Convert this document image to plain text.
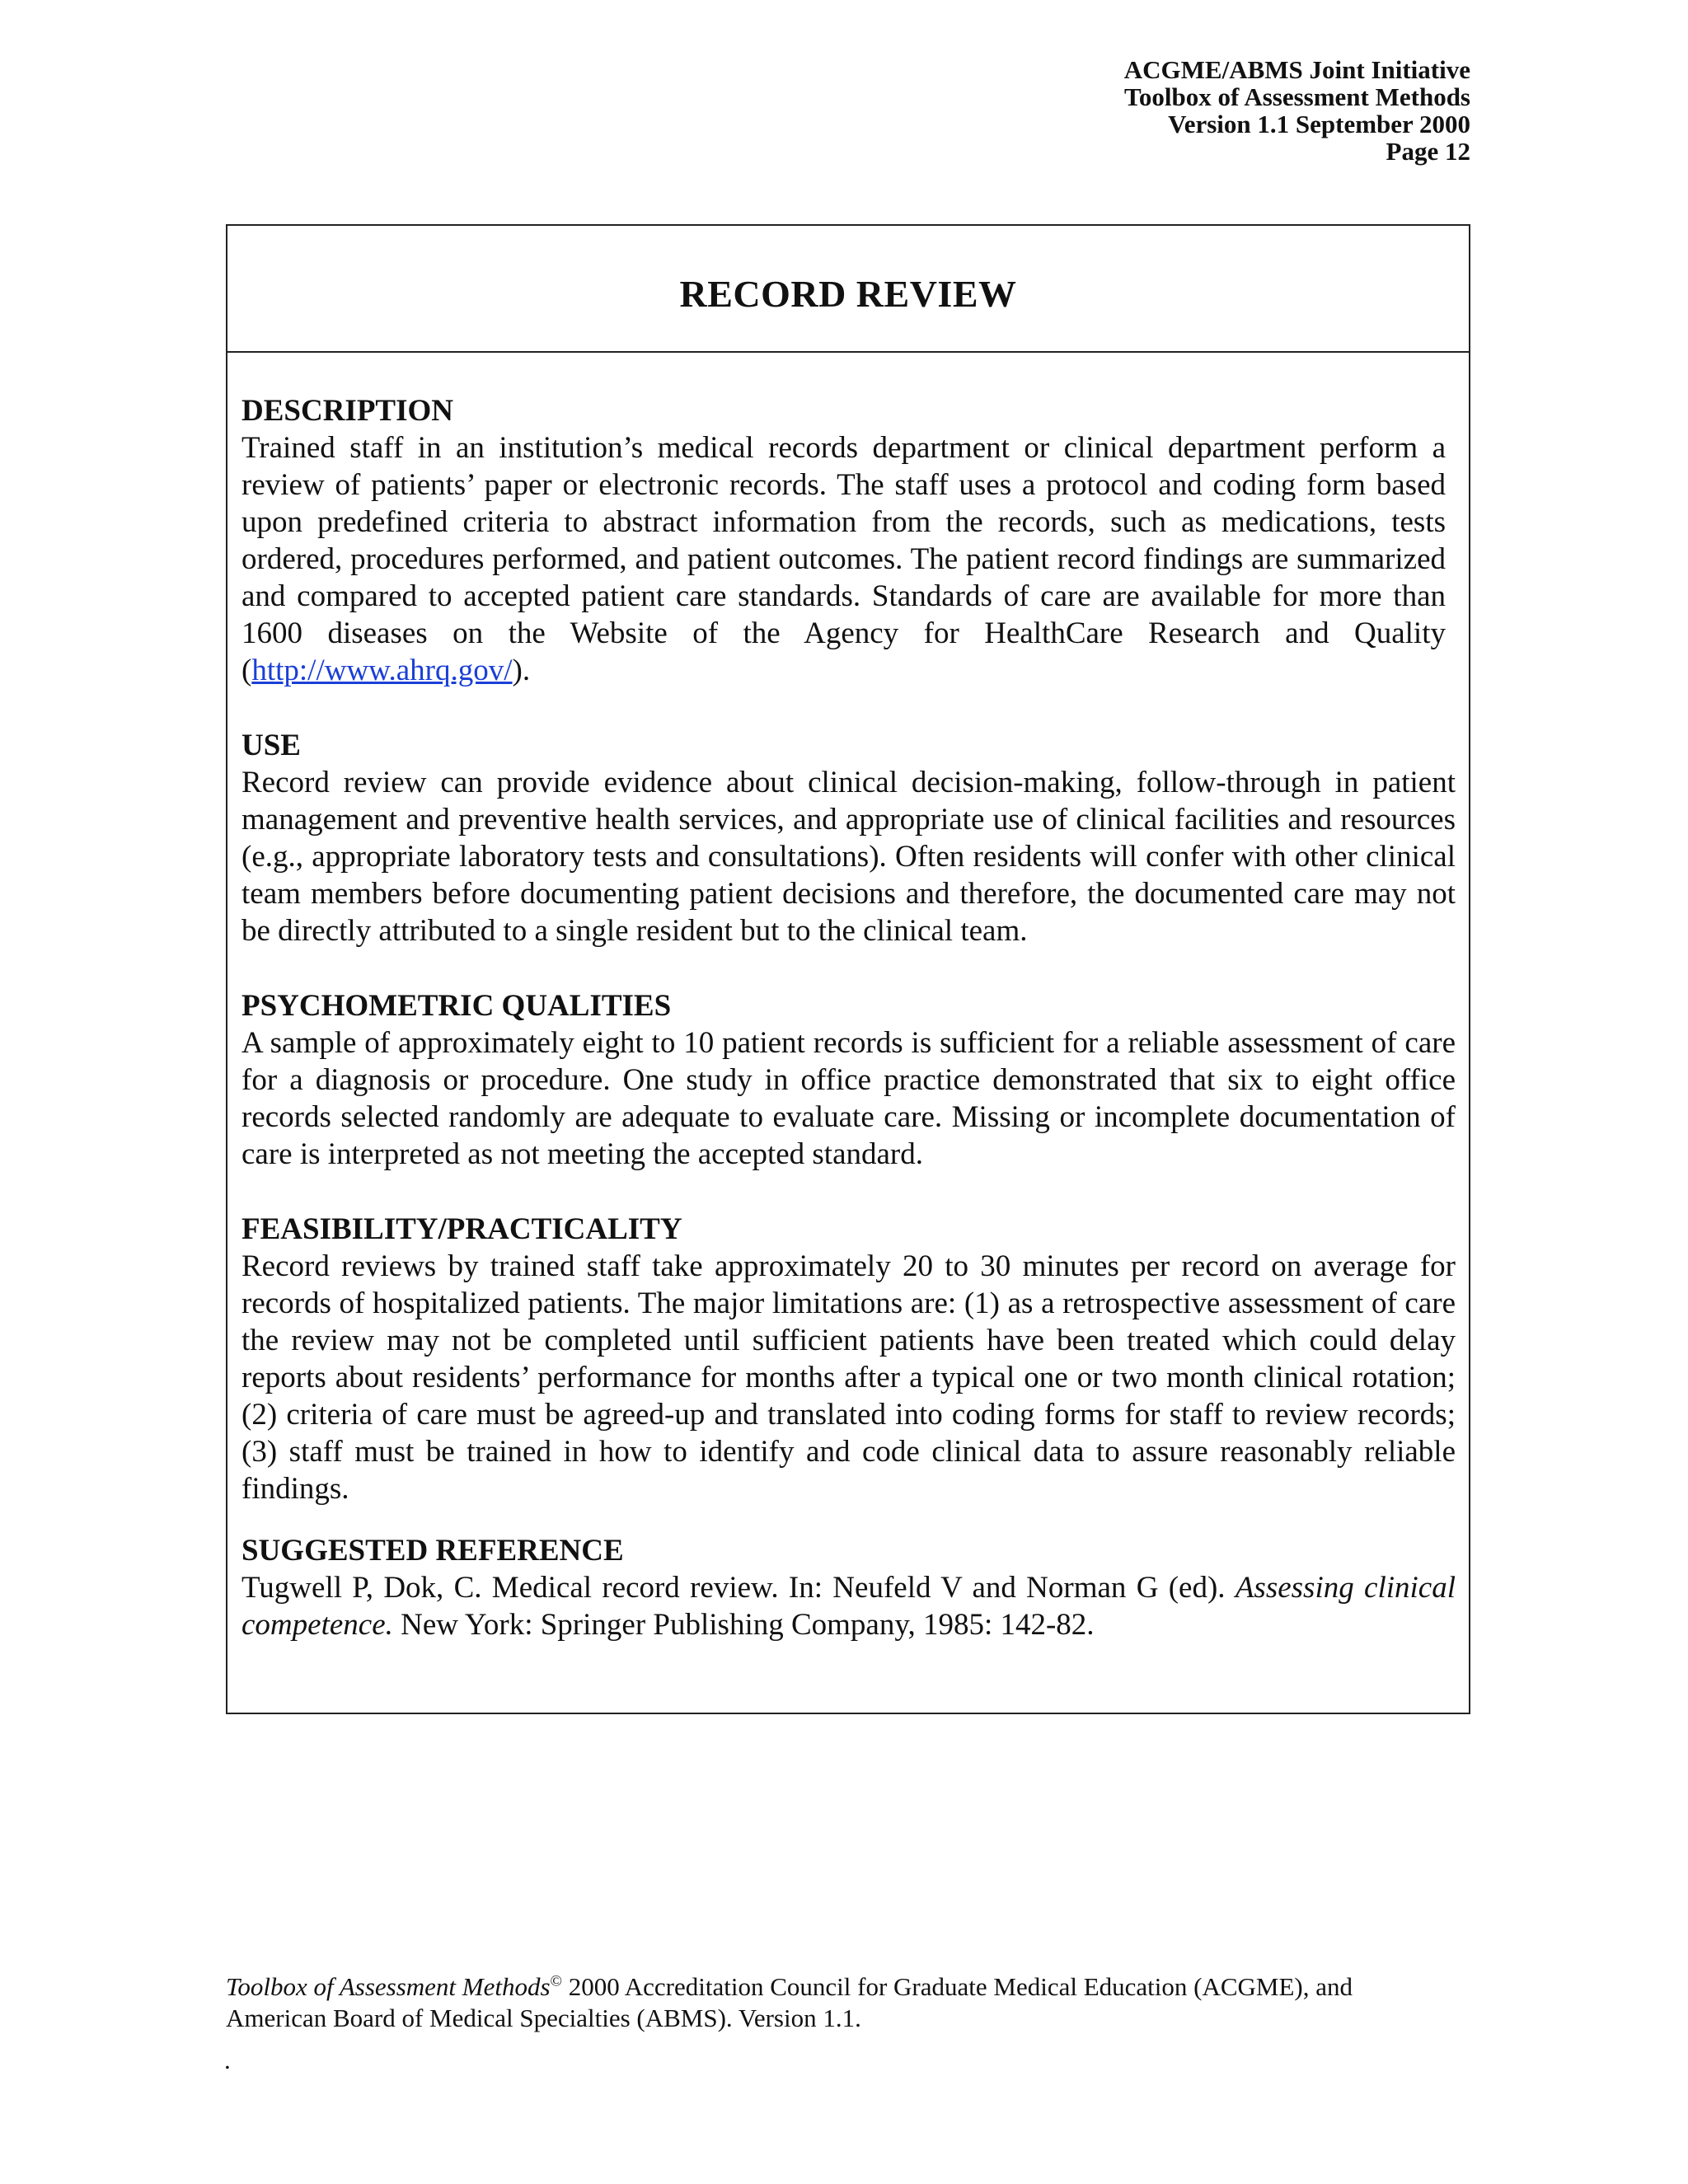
ACGME/ABMS Joint Initiative
Toolbox of Assessment Methods
Version 1.1 September 2000
Page 12
RECORD REVIEW
DESCRIPTION

Trained staff in an institution’s medical records department or clinical department perform a review of patients’ paper or electronic records. The staff uses a protocol and coding form based upon predefined criteria to abstract information from the records, such as medications, tests ordered, procedures performed, and patient outcomes. The patient record findings are summarized and compared to accepted patient care standards. Standards of care are available for more than 1600 diseases on the Website of the Agency for HealthCare Research and Quality (http://www.ahrq.gov/).

USE

Record review can provide evidence about clinical decision-making, follow-through in patient management and preventive health services, and appropriate use of clinical facilities and resources (e.g., appropriate laboratory tests and consultations). Often residents will confer with other clinical team members before documenting patient decisions and therefore, the documented care may not be directly attributed to a single resident but to the clinical team.

PSYCHOMETRIC QUALITIES

A sample of approximately eight to 10 patient records is sufficient for a reliable assessment of care for a diagnosis or procedure. One study in office practice demonstrated that six to eight office records selected randomly are adequate to evaluate care. Missing or incomplete documentation of care is interpreted as not meeting the accepted standard.

FEASIBILITY/PRACTICALITY

Record reviews by trained staff take approximately 20 to 30 minutes per record on average for records of hospitalized patients. The major limitations are: (1) as a retrospective assessment of care the review may not be completed until sufficient patients have been treated which could delay reports about residents’ performance for months after a typical one or two month clinical rotation; (2) criteria of care must be agreed-up and translated into coding forms for staff to review records; (3) staff must be trained in how to identify and code clinical data to assure reasonably reliable findings.

SUGGESTED REFERENCE

Tugwell P, Dok, C. Medical record review. In: Neufeld V and Norman G (ed). Assessing clinical competence. New York: Springer Publishing Company, 1985: 142-82.

Toolbox of Assessment Methods© 2000 Accreditation Council for Graduate Medical Education (ACGME), and
American Board of Medical Specialties (ABMS). Version 1.1.
.
